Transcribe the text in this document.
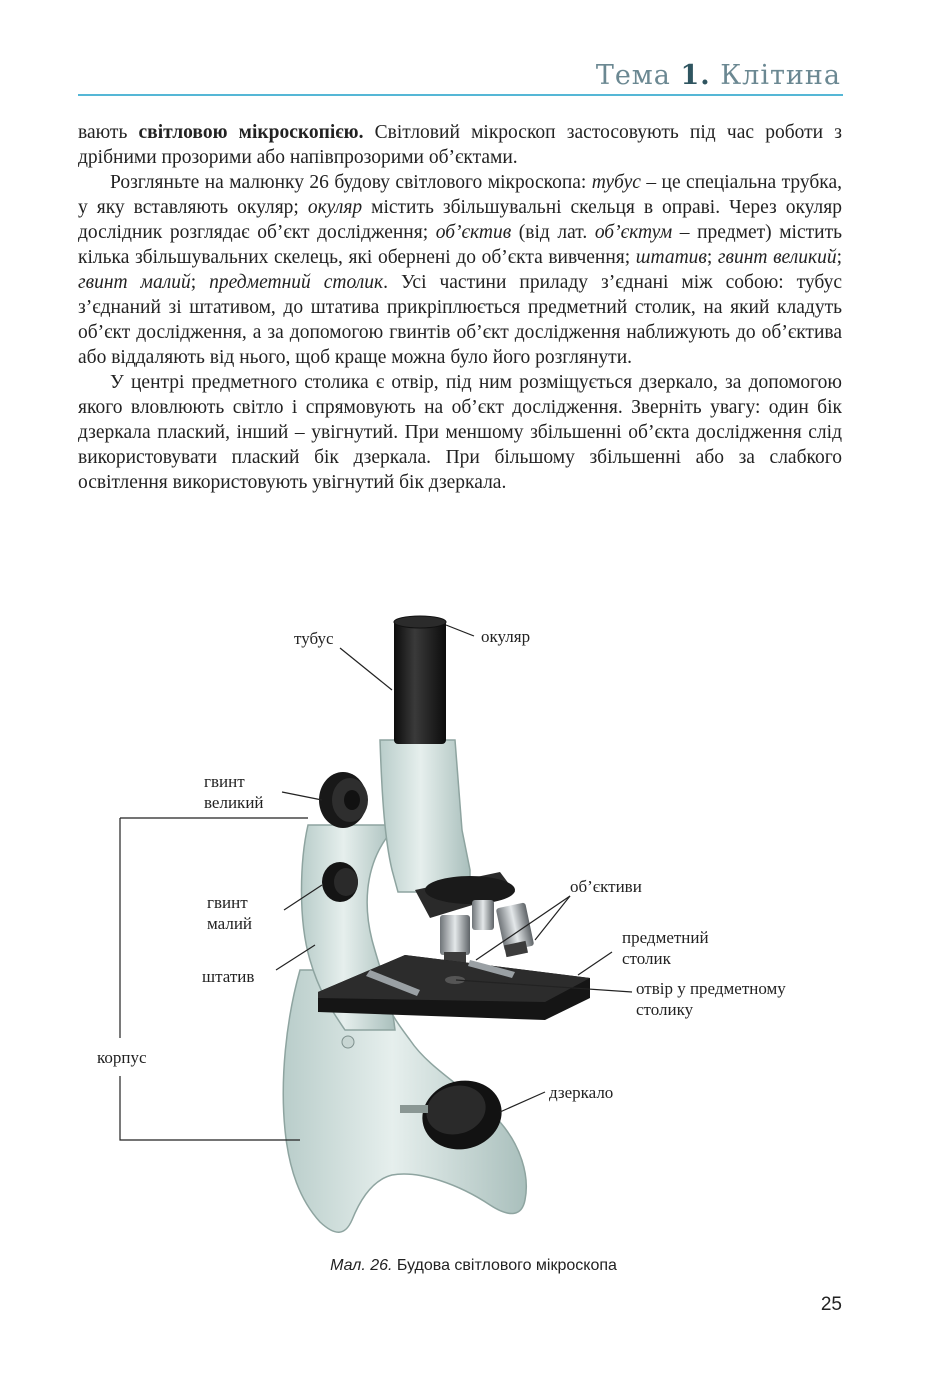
Тема 1. Клітина

вають світловою мікроскопією. Світловий мікроскоп застосовують під час роботи з дрібними прозорими або напівпрозорими об’єктами.

Розгляньте на малюнку 26 будову світлового мікроскопа: тубус – це спеціальна трубка, у яку вставляють окуляр; окуляр містить збільшувальні скельця в оправі. Через окуляр дослідник розглядає об’єкт дослідження; об’єктив (від лат. об’єктум – предмет) містить кілька збільшувальних скелець, які обернені до об’єкта вивчення; штатив; гвинт великий; гвинт малий; предметний столик. Усі частини приладу з’єднані між собою: тубус з’єднаний зі штативом, до штатива прикріплюється предметний столик, на який кладуть об’єкт дослідження, а за допомогою гвинтів об’єкт дослідження наближують до об’єктива або віддаляють від нього, щоб краще можна було його розглянути.

У центрі предметного столика є отвір, під ним розміщується дзеркало, за допомогою якого вловлюють світло і спрямовують на об’єкт дослідження. Зверніть увагу: один бік дзеркала плаский, інший – увігнутий. При меншому збільшенні об’єкта дослідження слід використовувати плаский бік дзеркала. При більшому збільшенні або за слабкого освітлення використовують увігнутий бік дзеркала.

тубус	окуляр
гвинт
великий
гвинт
малий
штатив
корпус
об’єктиви
предметний
столик
отвір у предметному
столику
дзеркало
Мал. 26. Будова світлового мікроскопа
25
